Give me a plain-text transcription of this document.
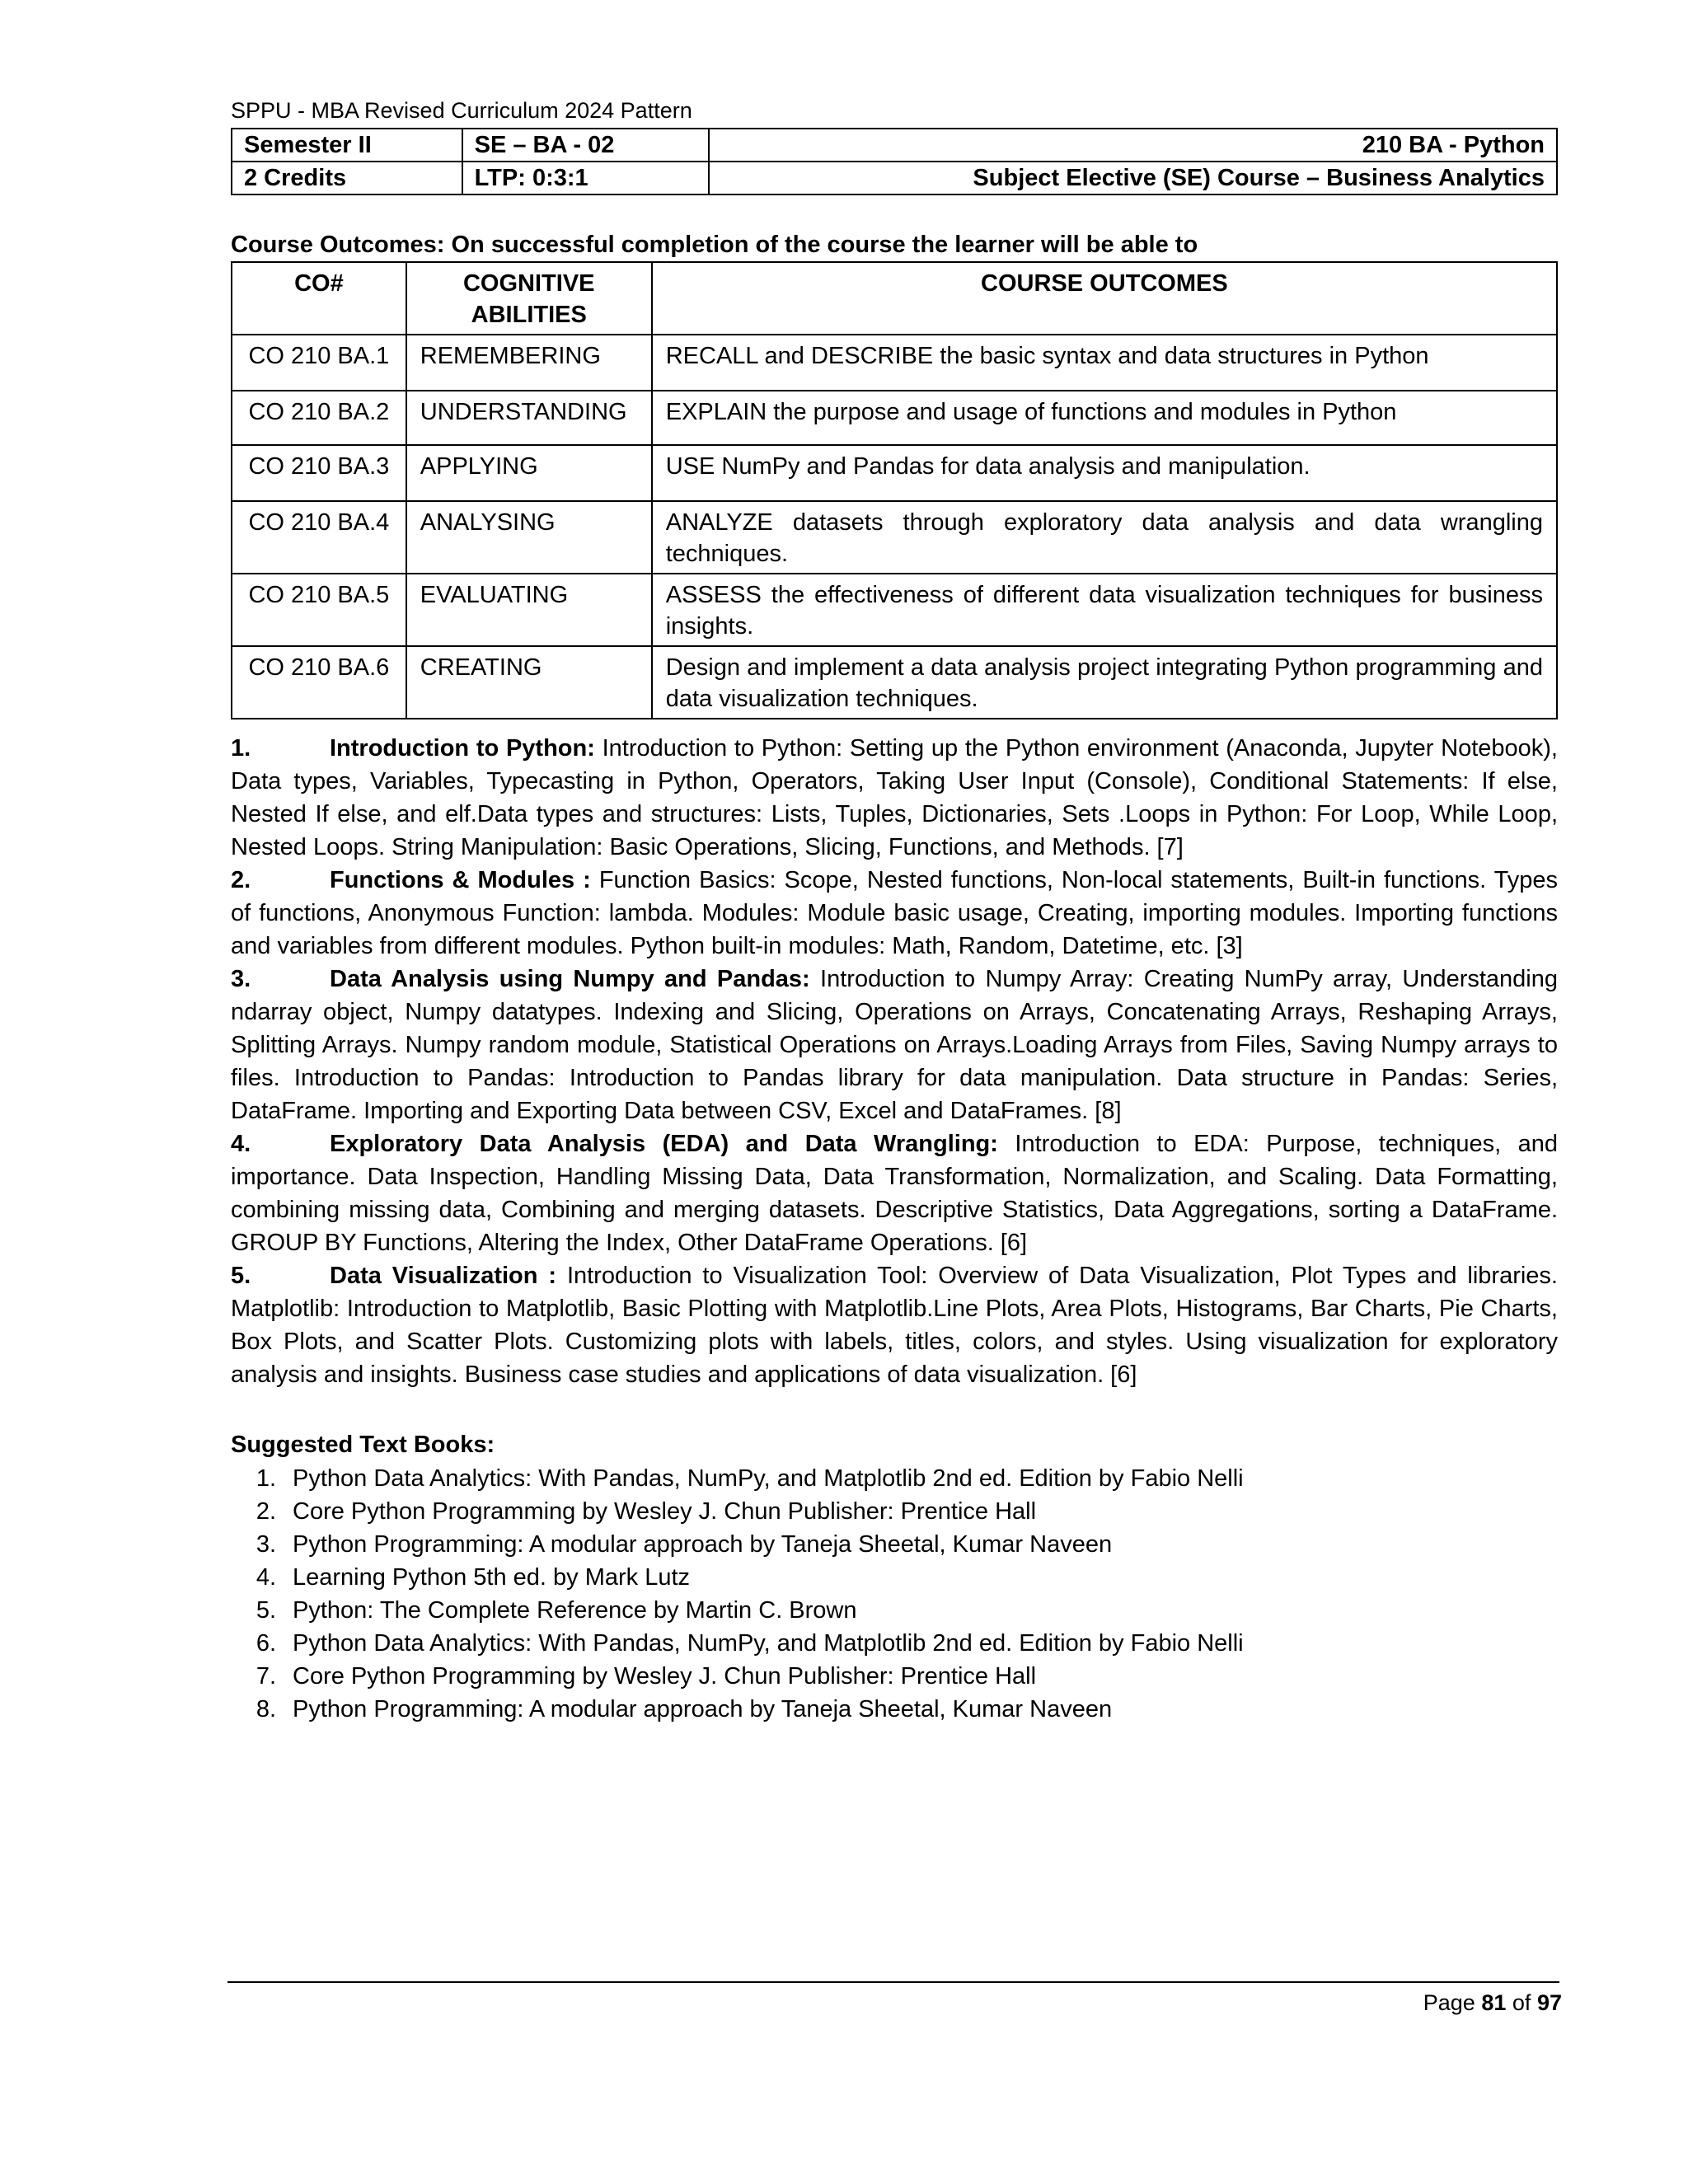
SPPU - MBA Revised Curriculum 2024 Pattern
Semester II	SE – BA - 02	210 BA - Python
2 Credits	LTP: 0:3:1	Subject Elective (SE) Course – Business Analytics
Course Outcomes: On successful completion of the course the learner will be able to
CO#	COGNITIVE ABILITIES	COURSE OUTCOMES
CO 210 BA.1	REMEMBERING	RECALL and DESCRIBE the basic syntax and data structures in Python
CO 210 BA.2	UNDERSTANDING	EXPLAIN the purpose and usage of functions and modules in Python
CO 210 BA.3	APPLYING	USE NumPy and Pandas for data analysis and manipulation.
CO 210 BA.4	ANALYSING	ANALYZE datasets through exploratory data analysis and data wrangling techniques.
CO 210 BA.5	EVALUATING	ASSESS the effectiveness of different data visualization techniques for business insights.
CO 210 BA.6	CREATING	Design and implement a data analysis project integrating Python programming and data visualization techniques.

1.	Introduction to Python: Introduction to Python: Setting up the Python environment (Anaconda, Jupyter Notebook), Data types, Variables, Typecasting in Python, Operators, Taking User Input (Console), Conditional Statements: If else, Nested If else, and elf.Data types and structures: Lists, Tuples, Dictionaries, Sets .Loops in Python: For Loop, While Loop, Nested Loops. String Manipulation: Basic Operations, Slicing, Functions, and Methods. [7]

2.	Functions & Modules : Function Basics: Scope, Nested functions, Non-local statements, Built-in functions. Types of functions, Anonymous Function: lambda. Modules: Module basic usage, Creating, importing modules. Importing functions and variables from different modules. Python built-in modules: Math, Random, Datetime, etc. [3]

3.	Data Analysis using Numpy and Pandas: Introduction to Numpy Array: Creating NumPy array, Understanding ndarray object, Numpy datatypes. Indexing and Slicing, Operations on Arrays, Concatenating Arrays, Reshaping Arrays, Splitting Arrays. Numpy random module, Statistical Operations on Arrays.Loading Arrays from Files, Saving Numpy arrays to files. Introduction to Pandas: Introduction to Pandas library for data manipulation. Data structure in Pandas: Series, DataFrame. Importing and Exporting Data between CSV, Excel and DataFrames. [8]

4.	Exploratory Data Analysis (EDA) and Data Wrangling: Introduction to EDA: Purpose, techniques, and importance. Data Inspection, Handling Missing Data, Data Transformation, Normalization, and Scaling. Data Formatting, combining missing data, Combining and merging datasets. Descriptive Statistics, Data Aggregations, sorting a DataFrame. GROUP BY Functions, Altering the Index, Other DataFrame Operations. [6]

5.	Data Visualization : Introduction to Visualization Tool: Overview of Data Visualization, Plot Types and libraries. Matplotlib: Introduction to Matplotlib, Basic Plotting with Matplotlib.Line Plots, Area Plots, Histograms, Bar Charts, Pie Charts, Box Plots, and Scatter Plots. Customizing plots with labels, titles, colors, and styles. Using visualization for exploratory analysis and insights. Business case studies and applications of data visualization. [6]

Suggested Text Books:
1. Python Data Analytics: With Pandas, NumPy, and Matplotlib 2nd ed. Edition by Fabio Nelli
2. Core Python Programming by Wesley J. Chun Publisher: Prentice Hall
3. Python Programming: A modular approach by Taneja Sheetal, Kumar Naveen
4. Learning Python 5th ed. by Mark Lutz
5. Python: The Complete Reference by Martin C. Brown
6. Python Data Analytics: With Pandas, NumPy, and Matplotlib 2nd ed. Edition by Fabio Nelli
7. Core Python Programming by Wesley J. Chun Publisher: Prentice Hall
8. Python Programming: A modular approach by Taneja Sheetal, Kumar Naveen
Page 81 of 97
